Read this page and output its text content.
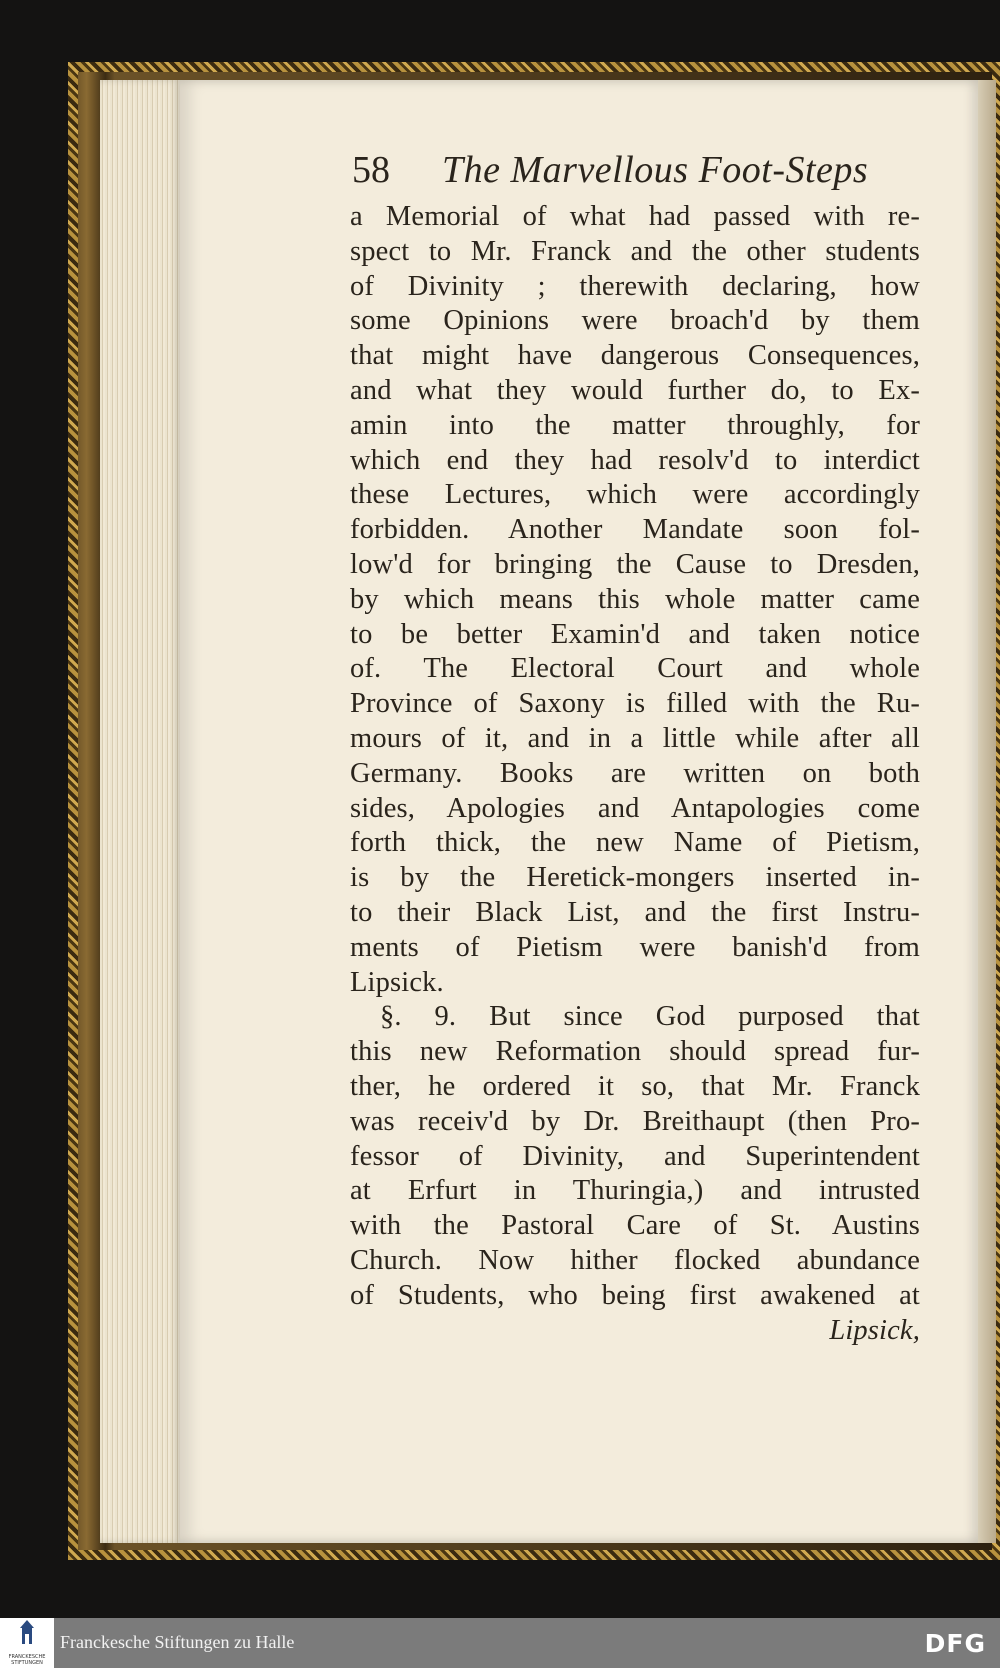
58 The Marvellous Foot-Steps
a Memorial of what had passed with re-
spect to Mr. Franck and the other students
of Divinity ; therewith declaring, how
some Opinions were broach'd by them
that might have dangerous Consequences,
and what they would further do, to Ex-
amin into the matter throughly, for
which end they had resolv'd to interdict
these Lectures, which were accordingly
forbidden. Another Mandate soon fol-
low'd for bringing the Cause to Dresden,
by which means this whole matter came
to be better Examin'd and taken notice
of. The Electoral Court and whole
Province of Saxony is filled with the Ru-
mours of it, and in a little while after all
Germany. Books are written on both
sides, Apologies and Antapologies come
forth thick, the new Name of Pietism,
is by the Heretick-mongers inserted in-
to their Black List, and the first Instru-
ments of Pietism were banish'd from
Lipsick.
§. 9. But since God purposed that
this new Reformation should spread fur-
ther, he ordered it so, that Mr. Franck
was receiv'd by Dr. Breithaupt (then Pro-
fessor of Divinity, and Superintendent
at Erfurt in Thuringia,) and intrusted
with the Pastoral Care of St. Austins
Church. Now hither flocked abundance
of Students, who being first awakened at
Lipsick,
FRANCKESCHE STIFTUNGEN
Franckesche Stiftungen zu Halle	DFG
